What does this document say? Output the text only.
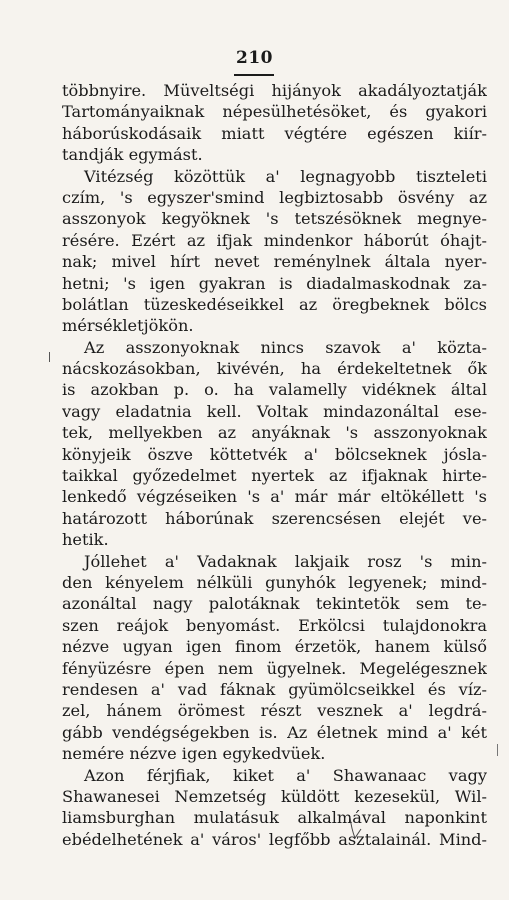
210
többnyire. Müveltségi hijányok akadályoztatják
Tartományaiknak népesülhetésöket, és gyakori
háborúskodásaik miatt végtére egészen kiír-
tandják egymást.
Vitézség közöttük a' legnagyobb tiszteleti
czím, 's egyszer'smind legbiztosabb ösvény az
asszonyok kegyöknek 's tetszésöknek megnye-
résére. Ezért az ifjak mindenkor háborút óhajt-
nak; mivel hírt nevet reménylnek általa nyer-
hetni; 's igen gyakran is diadalmaskodnak za-
bolátlan tüzeskedéseikkel az öregbeknek bölcs
mérsékletjökön.
Az asszonyoknak nincs szavok a' közta-
nácskozásokban, kivévén, ha érdekeltetnek ők
is azokban p. o. ha valamelly vidéknek által
vagy eladatnia kell. Voltak mindazonáltal ese-
tek, mellyekben az anyáknak 's asszonyoknak
könyjeik öszve köttetvék a' bölcseknek jósla-
taikkal győzedelmet nyertek az ifjaknak hirte-
lenkedő végzéseiken 's a' már már eltökéllett 's
határozott háborúnak szerencsésen elejét ve-
hetik.
Jóllehet a' Vadaknak lakjaik rosz 's min-
den kényelem nélküli gunyhók legyenek; mind-
azonáltal nagy palotáknak tekintetök sem te-
szen reájok benyomást. Erkölcsi tulajdonokra
nézve ugyan igen finom érzetök, hanem külső
fényüzésre épen nem ügyelnek. Megelégesznek
rendesen a' vad fáknak gyümölcseikkel és víz-
zel, hánem örömest részt vesznek a' legdrá-
gább vendégségekben is. Az életnek mind a' két
nemére nézve igen egykedvüek.
Azon férjfiak, kiket a' Shawanaac vagy
Shawanesei Nemzetség küldött kezesekül, Wil-
liamsburghan mulatásuk alkalmával naponkint
ebédelhetének a' város' legfőbb asztalainál. Mind-
